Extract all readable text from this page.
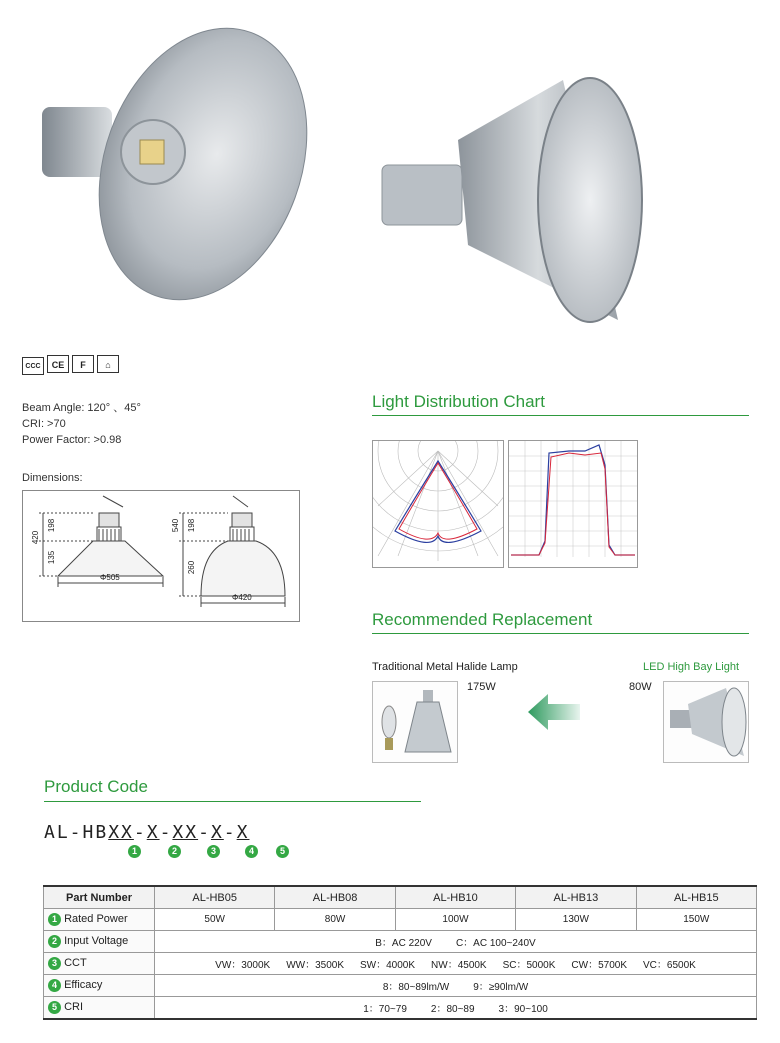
CCC CE F ⌂
Beam Angle: 120° 、45°
CRI: >70
Power Factor: >0.98
Dimensions:
420
198
135
Φ505
540 198
260
Φ420
Light Distribution Chart
Recommended Replacement
Traditional Metal Halide Lamp	LED High Bay Light
175W	80W
Product Code
AL-HBXX-X-XX-X-X
1	2	3	4	5
Part Number	AL-HB05	AL-HB08	AL-HB10	AL-HB13	AL-HB15
1 Rated Power	50W	80W	100W	130W	150W
2 Input Voltage	B：AC 220V C：AC 100~240V				
3 CCT	VW：3000K WW：3500K SW：4000K NW：4500K SC：5000K CW：5700K VC：6500K				
4 Efficacy	8：80~89lm/W 9：≥90lm/W				
5 CRI	1：70~79 2：80~89 3：90~100				
